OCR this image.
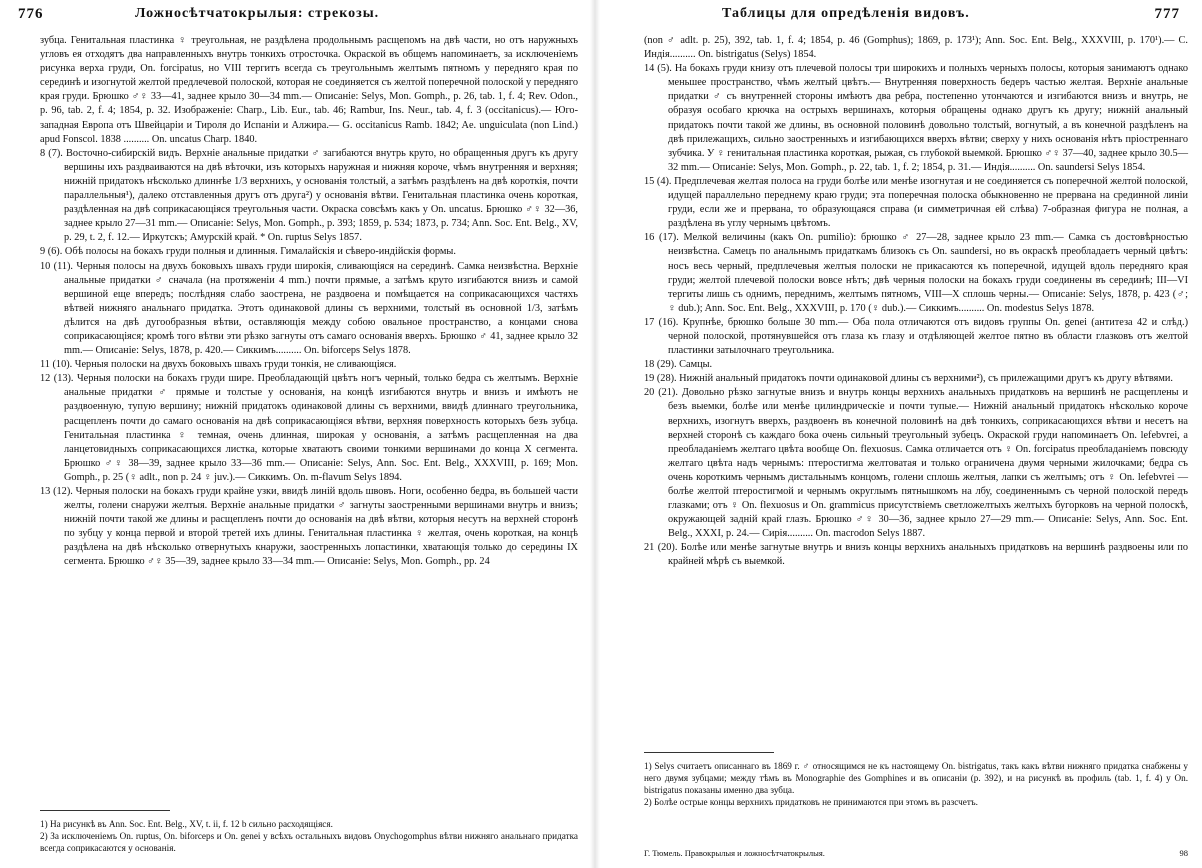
776	Ложносѣтчатокрылыя: стрекозы.

зубца. Генитальная пластинка ♀ треугольная, не раздѣлена продольнымъ расщепомъ на двѣ части, но отъ наружныхъ угловъ ея отходятъ два направленныхъ внутрь тонкихъ отросточка. Окраской въ общемъ напоминаетъ, за исключеніемъ рисунка верха груди, On. forcipatus, но VIII тергитъ всегда съ треугольнымъ желтымъ пятномъ у передняго края по серединѣ и изогнутой желтой предлечевой полоской, которая не соединяется съ желтой поперечной полоской у передняго края груди. Брюшко ♂♀ 33—41, заднее крыло 30—34 mm.— Описаніе: Selys, Mon. Gomph., p. 26, tab. 1, f. 4; Rev. Odon., p. 96, tab. 2, f. 4; 1854, p. 32. Изображеніе: Charp., Lib. Eur., tab. 46; Rambur, Ins. Neur., tab. 4, f. 3 (occitanicus).— Юго-западная Европа отъ Швейцаріи и Тироля до Испаніи и Алжира.— G. occitanicus Ramb. 1842; Ae. unguiculata (non Lind.) apud Fonscol. 1838 .......... On. uncatus Charp. 1840.

8 (7). Восточно-сибирскій видъ. Верхніе анальные придатки ♂ загибаются внутрь круто, но обращенныя другъ къ другу вершины ихъ раздваиваются на двѣ вѣточки, изъ которыхъ наружная и нижняя короче, чѣмъ внутренняя и верхняя; нижній придатокъ нѣсколько длиннѣе 1/3 верхнихъ, у основанія толстый, а затѣмъ раздѣленъ на двѣ короткія, почти параллельныя¹), далеко отставленныя другъ отъ друга²) у основанія вѣтви. Генитальная пластинка очень короткая, раздѣленная на двѣ соприкасающіяся треугольныя части. Окраска совсѣмъ какъ у On. uncatus. Брюшко ♂♀ 32—36, заднее крыло 27—31 mm.— Описаніе: Selys, Mon. Gomph., p. 393; 1859, p. 534; 1873, p. 734; Ann. Soc. Ent. Belg., XV, p. 29, t. 2, f. 12.— Иркутскъ; Амурскій край. * On. ruptus Selys 1857.

9 (6). Обѣ полосы на бокахъ груди полныя и длинныя. Гималайскія и сѣверо-индійскія формы.

10 (11). Черныя полосы на двухъ боковыхъ швахъ груди широкія, сливающіяся на серединѣ. Самка неизвѣстна. Верхніе анальные придатки ♂ сначала (на протяженіи 4 mm.) почти прямые, а затѣмъ круто изгибаются внизъ и самой вершиной еще впередъ; послѣдняя слабо заострена, не раздвоена и помѣщается на соприкасающихся частяхъ вѣтвей нижняго анальнаго придатка. Этотъ одинаковой длины съ верхними, толстый въ основной 1/3, затѣмъ дѣлится на двѣ дугообразныя вѣтви, оставляющія между собою овальное пространство, а концами снова соприкасающіяся; кромѣ того вѣтви эти рѣзко загнуты отъ самаго основанія вверхъ. Брюшко ♂ 41, заднее крыло 32 mm.— Описаніе: Selys, 1878, p. 420.— Сиккимъ.......... On. biforceps Selys 1878.

11 (10). Черныя полоски на двухъ боковыхъ швахъ груди тонкія, не сливающіяся.

12 (13). Черныя полоски на бокахъ груди шире. Преобладающій цвѣтъ ногъ черный, только бедра съ желтымъ. Верхніе анальные придатки ♂ прямые и толстые у основанія, на концѣ изгибаются внутрь и внизъ и имѣютъ не раздвоенную, тупую вершину; нижній придатокъ одинаковой длины съ верхними, ввидѣ длиннаго треугольника, расщепленъ почти до самаго основанія на двѣ соприкасающіяся вѣтви, верхняя поверхность которыхъ безъ зубца. Генитальная пластинка ♀ темная, очень длинная, широкая у основанія, а затѣмъ расщепленная на два ланцетовидныхъ соприкасающихся листка, которые хватаютъ своими тонкими вершинами до конца X сегмента. Брюшко ♂♀ 38—39, заднее крыло 33—36 mm.— Описаніе: Selys, Ann. Soc. Ent. Belg., XXXVIII, p. 169; Mon. Gomph., p. 25 (♀ adlt., non p. 24 ♀ juv.).— Сиккимъ. On. m-flavum Selys 1894.

13 (12). Черныя полоски на бокахъ груди крайне узки, ввидѣ линій вдоль швовъ. Ноги, особенно бедра, въ большей части желты, голени снаружи желтыя. Верхніе анальные придатки ♂ загнуты заостренными вершинами внутрь и внизъ; нижній почти такой же длины и расщепленъ почти до основанія на двѣ вѣтви, которыя несутъ на верхней сторонѣ по зубцу у конца первой и второй третей ихъ длины. Генитальная пластинка ♀ желтая, очень короткая, на концѣ раздѣлена на двѣ нѣсколько отвернутыхъ кнаружи, заостренныхъ лопастинки, хватающія только до середины IX сегмента. Брюшко ♂♀ 35—39, заднее крыло 33—34 mm.— Описаніе: Selys, Mon. Gomph., pp. 24

1) На рисункѣ въ Ann. Soc. Ent. Belg., XV, t. ii, f. 12 b сильно расходящіяся.

2) За исключеніемъ On. ruptus, On. biforceps и On. genei у всѣхъ остальныхъ видовъ Onychogomphus вѣтви нижняго анальнаго придатка всегда соприкасаются у основанія.

Таблицы для опредѣленія видовъ.	777

(non ♂ adlt. p. 25), 392, tab. 1, f. 4; 1854, p. 46 (Gomphus); 1869, p. 173¹); Ann. Soc. Ent. Belg., XXXVIII, p. 170¹).— С. Индія.......... On. bistrigatus (Selys) 1854.

14 (5). На бокахъ груди книзу отъ плечевой полосы три широкихъ и полныхъ черныхъ полосы, которыя занимаютъ однако меньшее пространство, чѣмъ желтый цвѣтъ.— Внутренняя поверхность бедеръ частью желтая. Верхніе анальные придатки ♂ съ внутренней стороны имѣютъ два ребра, постепенно утончаются и изгибаются внизъ и внутрь, не образуя особаго крючка на острыхъ вершинахъ, которыя обращены однако другъ къ другу; нижній анальный придатокъ почти такой же длины, въ основной половинѣ довольно толстый, вогнутый, а въ конечной раздѣленъ на двѣ прилежащихъ, сильно заостренныхъ и изгибающихся вверхъ вѣтви; сверху у нихъ основанія нѣтъ пріостреннаго зубчика. У ♀ генитальная пластинка короткая, рыжая, съ глубокой выемкой. Брюшко ♂♀ 37—40, заднее крыло 30.5—32 mm.— Описаніе: Selys, Mon. Gomph., p. 22, tab. 1, f. 2; 1854, p. 31.— Индія.......... On. saundersi Selys 1854.

15 (4). Предплечевая желтая полоса на груди болѣе или менѣе изогнутая и не соединяется съ поперечной желтой полоской, идущей параллельно переднему краю груди; эта поперечная полоска обыкновенно не прервана на срединной линіи груди, если же и прервана, то образующаяся справа (и симметричная ей слѣва) 7-образная фигура не полная, а раздѣлена въ углу чернымъ цвѣтомъ.

16 (17). Мелкой величины (какъ On. pumilio): брюшко ♂ 27—28, заднее крыло 23 mm.— Самка съ достовѣрностью неизвѣстна. Самецъ по анальнымъ придаткамъ близокъ съ On. saundersi, но въ окраскѣ преобладаетъ черный цвѣтъ: носъ весь черный, предплечевыя желтыя полоски не прикасаются къ поперечной, идущей вдоль передняго края груди; желтой плечевой полоски вовсе нѣтъ; двѣ черныя полоски на бокахъ груди соединены въ серединѣ; III—VI тергиты лишь съ однимъ, переднимъ, желтымъ пятномъ, VIII—X сплошь черны.— Описаніе: Selys, 1878, p. 423 (♂; ♀ dub.); Ann. Soc. Ent. Belg., XXXVIII, p. 170 (♀ dub.).— Сиккимъ.......... On. modestus Selys 1878.

17 (16). Крупнѣе, брюшко больше 30 mm.— Оба пола отличаются отъ видовъ группы On. genei (антитеза 42 и слѣд.) черной полоской, протянувшейся отъ глаза къ глазу и отдѣляющей желтое пятно въ области глазковъ отъ желтой пластинки затылочнаго треугольника.

18 (29). Самцы.

19 (28). Нижній анальный придатокъ почти одинаковой длины съ верхними²), съ прилежащими другъ къ другу вѣтвями.

20 (21). Довольно рѣзко загнутые внизъ и внутрь концы верхнихъ анальныхъ придатковъ на вершинѣ не расщеплены и безъ выемки, болѣе или менѣе цилиндрическіе и почти тупые.— Нижній анальный придатокъ нѣсколько короче верхнихъ, изогнутъ вверхъ, раздвоенъ въ конечной половинѣ на двѣ тонкихъ, соприкасающихся вѣтви и несетъ на верхней сторонѣ съ каждаго бока очень сильный треугольный зубецъ. Окраской груди напоминаетъ On. lefebvrei, а преобладаніемъ желтаго цвѣта вообще On. flexuosus. Самка отличается отъ ♀ On. forcipatus преобладаніемъ повсюду желтаго цвѣта надъ чернымъ: птеростигма желтоватая и только ограничена двумя черными жилочками; бедра съ очень короткимъ чернымъ дистальнымъ концомъ, голени сплошь желтыя, лапки съ желтымъ; отъ ♀ On. lefebvrei — болѣе желтой птеростигмой и чернымъ округлымъ пятнышкомъ на лбу, соединеннымъ съ черной полоской передъ глазками; отъ ♀ On. flexuosus и On. grammicus присутствіемъ светложелтыхъ желтыхъ бугорковъ на черной полоскѣ, окружающей задній край глазъ. Брюшко ♂♀ 30—36, заднее крыло 27—29 mm.— Описаніе: Selys, Ann. Soc. Ent. Belg., XXXI, p. 24.— Сирія.......... On. macrodon Selys 1887.

21 (20). Болѣе или менѣе загнутые внутрь и внизъ концы верхнихъ анальныхъ придатковъ на вершинѣ раздвоены или по крайней мѣрѣ съ выемкой.

1) Selys считаетъ описаннаго въ 1869 г. ♂ относящимся не къ настоящему On. bistrigatus, такъ какъ вѣтви нижняго придатка снабжены у него двумя зубцами; между тѣмъ въ Monographie des Gomphines и въ описаніи (p. 392), и на рисункѣ въ профиль (tab. 1, f. 4) у On. bistrigatus показаны именно два зубца.

2) Болѣе острые концы верхнихъ придатковъ не принимаются при этомъ въ разсчетъ.

Г. Тюмель. Правокрылыя и ложносѣтчатокрылыя.	98
